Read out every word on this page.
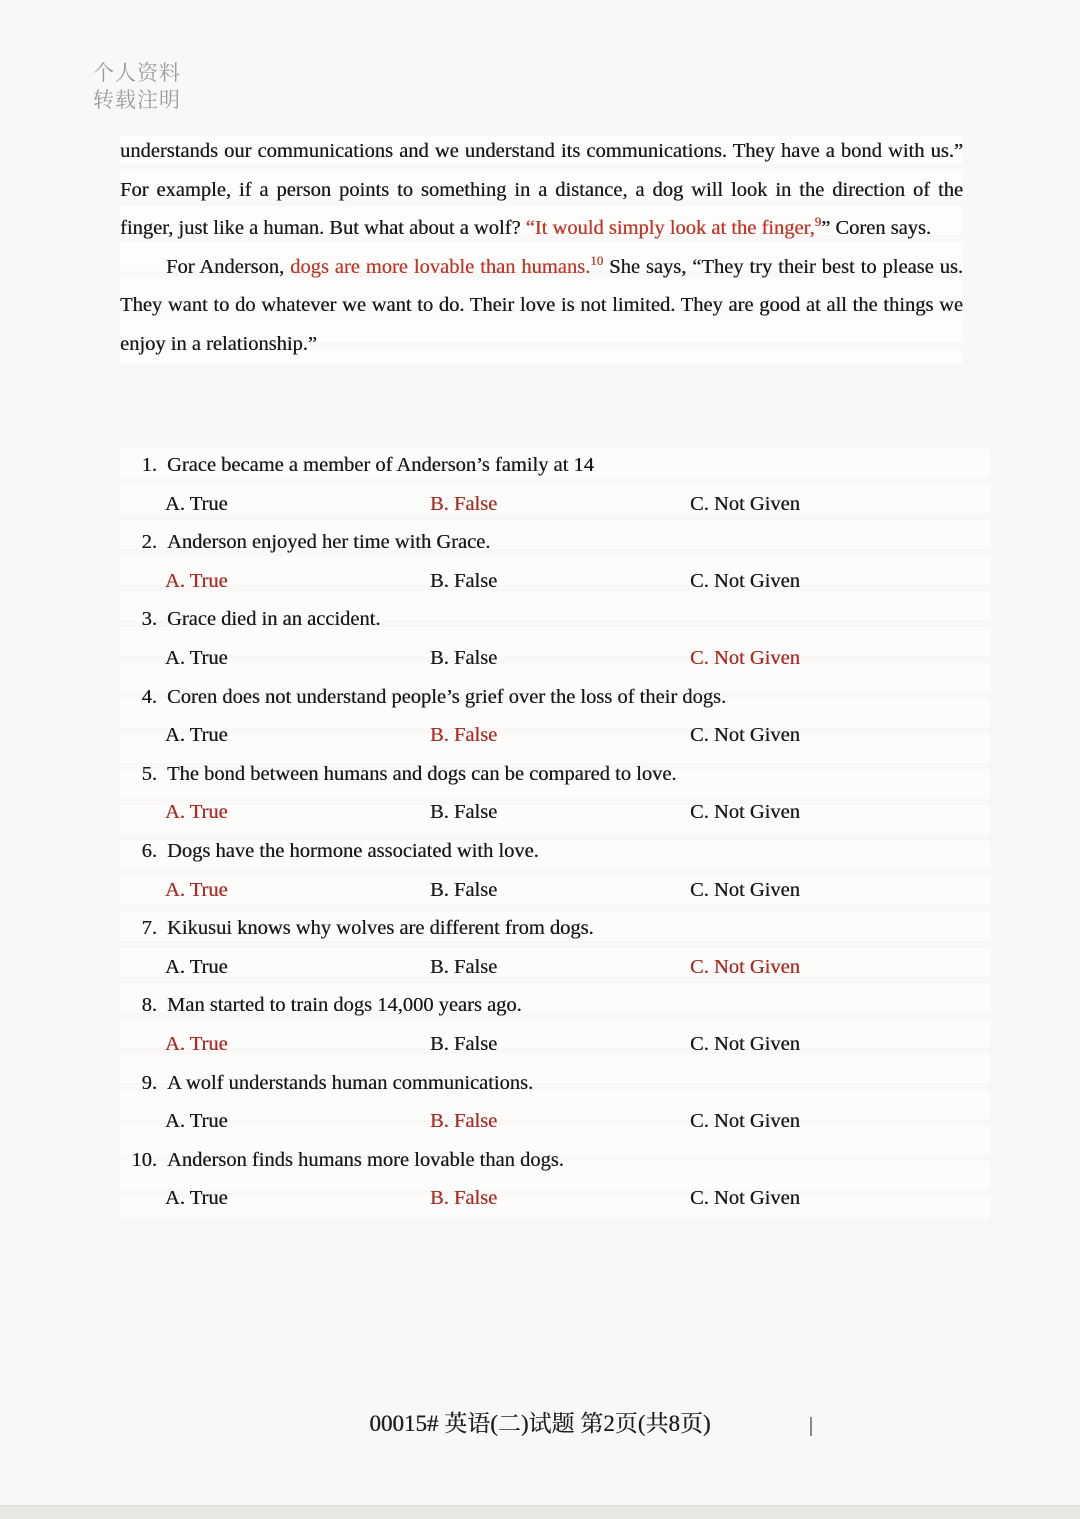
个人资料
转载注明

understands our communications and we understand its communications. They have a bond with us.” For example, if a person points to something in a distance, a dog will look in the direction of the finger, just like a human. But what about a wolf? “It would simply look at the finger,$^9$” Coren says.

For Anderson, dogs are more lovable than humans.$^{10}$ She says, “They try their best to please us. They want to do whatever we want to do. Their love is not limited. They are good at all the things we enjoy in a relationship.”

1. Grace became a member of Anderson’s family at 14
A. True	B. False	C. Not Given
2. Anderson enjoyed her time with Grace.
A. True	B. False	C. Not Given
3. Grace died in an accident.
A. True	B. False	C. Not Given
4. Coren does not understand people’s grief over the loss of their dogs.
A. True	B. False	C. Not Given
5. The bond between humans and dogs can be compared to love.
A. True	B. False	C. Not Given
6. Dogs have the hormone associated with love.
A. True	B. False	C. Not Given
7. Kikusui knows why wolves are different from dogs.
A. True	B. False	C. Not Given
8. Man started to train dogs 14,000 years ago.
A. True	B. False	C. Not Given
9. A wolf understands human communications.
A. True	B. False	C. Not Given
10. Anderson finds humans more lovable than dogs.
A. True	B. False	C. Not Given
00015# 英语(二)试题 第2页(共8页)
